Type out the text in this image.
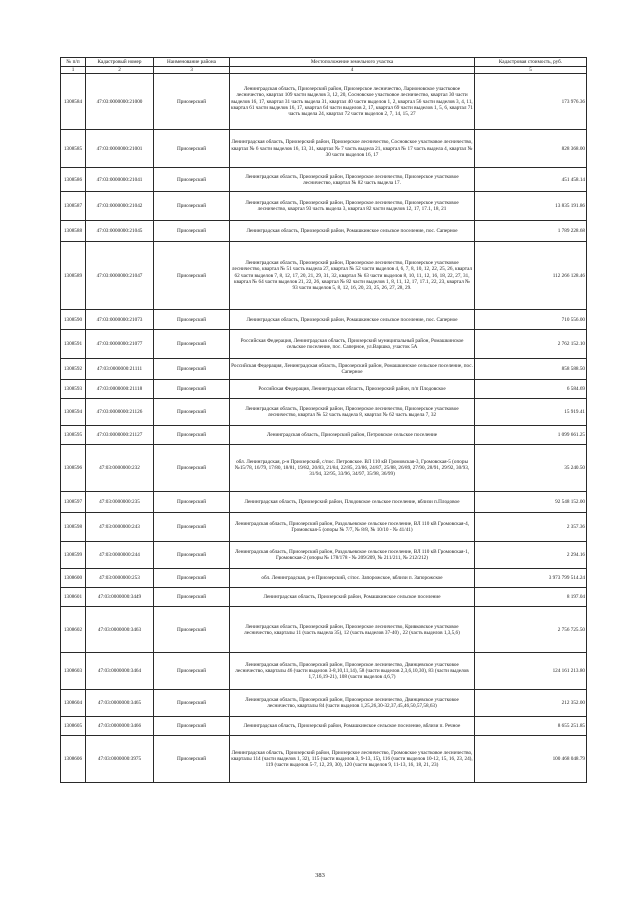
№ п/п	Кадастровый номер	Наименование района	Местоположение земельного участка	Кадастровая стоимость, руб.
1	2	3	4	5
1308584	47:03:0000000:21000	Приозерский	Ленинградская область, Приозерский район, Приозерское лесничество, Ларионовское участковое лесничество, квартал 109 части выделов 3, 12, 20, Сосновское участковое лесничество, квартал 30 части выделов 16, 17, квартал 31 часть выдела 31, квартал 40 части выделов 1, 2, квартал 56 части выделов 3, 4, 11, квартал 61 части выделов 16, 17, квартал 64 части выделов 2, 17, квартал 69 части выделов 1, 5, 6, квартал 71 часть выдела 24, квартал 72 части выделов 2, 7, 14, 15, 27	173 976.36
1308585	47:03:0000000:21001	Приозерский	Ленинградская область, Приозерский район, Приозерское лесничество, Сосновское участковое лесничество, квартал № 6 части выделов 16, 13, 31, квартал № 7 часть выдела 21, квартал № 17 часть выдела 4, квартал № 30 части выделов 16, 17	828 368.00
1308586	47:03:0000000:21041	Приозерский	Ленинградская область, Приозерский район, Приозерское лесничество, Приозерское участковое лесничество, квартал № 82 часть выдела 17.	451 458.14
1308587	47:03:0000000:21042	Приозерский	Ленинградская область, Приозерский район, Приозерское лесничество, Приозерское участковое лесничество, квартал 93 часть выдела 3, квартал 82 части выделов 12, 17, 17.1, 18, 21	13 835 191.86
1308588	47:03:0000000:21045	Приозерский	Ленинградская область, Приозерский район, Ромашкинское сельское поселение, пос. Саперное	1 789 228.68
1308589	47:03:0000000:21047	Приозерский	Ленинградская область, Приозерский район, Приозерское лесничество, Приозерское участковое лесничество, квартал № 51 часть выдела 27, квартал № 52 части выделов 4, 6, 7, 8, 10, 12, 22, 25, 26, квартал 62 части выделов 7, 8, 12, 17, 20, 21, 29, 31, 32, квартал № 63 части выделов 8, 10, 11, 12, 16, 18, 22, 27, 31, квартал № 64 части выделов 21, 22, 26, квартал № 82 части выделов 1, 8, 11, 12, 17, 17.1, 22, 23, квартал № 93 части выделов 5, 8, 12, 16, 20, 23, 25, 26, 27, 28, 29.	112 266 128.46
1308590	47:03:0000000:21073	Приозерский	Ленинградская область, Приозерский район, Ромашкинское сельское поселение, пос. Саперное	710 556.00
1308591	47:03:0000000:21077	Приозерский	Российская Федерация, Ленинградская область, Приозерский муниципальный район, Ромашкинское сельское поселение, пос. Саперное, ул.Варшко, участок 5А	2 762 152.10
1308592	47:03:0000000:21111	Приозерский	Российская Федерация, Ленинградская область, Приозерский район, Ромашкинское сельское поселение, пос. Саперное	858 588.50
1308593	47:03:0000000:21118	Приозерский	Российская Федерация, Ленинградская область, Приозерский район, п/п Плодовское	6 584.69
1308594	47:03:0000000:21126	Приозерский	Ленинградская область, Приозерский район, Приозерское лесничество, Приозерское участковое лесничество, квартал № 52 часть выдела 8, квартал № 62 часть выдела 7, 32	15 919.41
1308595	47:03:0000000:21127	Приозерский	Ленинградская область, Приозерский район, Петровское сельское поселение	1 099 661.25
1308596	47:03:0000000:232	Приозерский	обл. Ленинградская, р-н Приозерский, с/пос. Петровское. ВЛ 110 кВ Громовская-3, Громовская-5 (опоры №15/78, 16/79, 17/80, 18/81, 19/82, 20/83, 21/84, 22/85, 23/86, 24/87, 25/88, 26/89, 27/90, 28/91, 29/92, 30/93, 31/94, 32/95, 33/96, 34/97, 35/98, 36/99)	35 240.50
1308597	47:03:0000000:235	Приозерский	Ленинградская область, Приозерский район, Плодовское сельское поселение, вблизи п.Плодовое	92 548 152.00
1308598	47:03:0000000:243	Приозерский	Ленинградская область, Приозерский район, Раздольевское сельское поселение, ВЛ 110 кВ Громовская-4, Громовская-5 (опоры № 7/7, № 8/8, № 10/10 - № 41/41)	2 357.36
1308599	47:03:0000000:244	Приозерский	Ленинградская область, Приозерский район, Раздольевское сельское поселение, ВЛ 110 кВ Громовская-1, Громовская-2 (опоры № 178/178 - № 209/209, № 211/211, № 212/212)	2 294.16
1308600	47:03:0000000:253	Приозерский	обл. Ленинградская, р-н Приозерский, с/пос. Запорожское, вблизи п. Запорожское	3 973 799 514.24
1308601	47:03:0000000:3449	Приозерский	Ленинградская область, Приозерский район, Ромашкинское сельское поселение	8 197.04
1308602	47:03:0000000:3463	Приозерский	Ленинградская область, Приозерский район, Приозерское лесничество, Кривковское участковое лесничество, кварталы 11 (часть выдела 35), 12 (часть выделов 37-40) , 22 (часть выделов 1,3,5,6)	2 756 725.50
1308603	47:03:0000000:3464	Приозерский	Ленинградская область, Приозерский район, Приозерское лесничество, Двинцевское участковое лесничество, кварталы 46 (части выделов 3-8,10,11,14), 58 (части выделов 2,3,6,10,30), 83 (части выделов 1,7,16,19-21), 108 (части выделов 4,6,7)	124 161 213.80
1308604	47:03:0000000:3465	Приозерский	Ленинградская область, Приозерский район, Приозерское лесничество, Двинцевское участковое лесничество, кварталы 84 (части выделов 1,25,26,30-32,37,45,46,50,57,58,63)	212 352.00
1308605	47:03:0000000:3466	Приозерский	Ленинградская область, Приозерский район, Ромашкинское сельское поселение, вблизи п. Речное	8 655 251.85
1308606	47:03:0000000:3975	Приозерский	Ленинградская область, Приозерский район, Приозерское лесничество, Громовское участковое лесничество, кварталы 114 (части выделов 1, 32), 115 (части выделов 3, 9-13, 15), 116 (части выделов 10-12, 15, 16, 23, 24), 119 (части выделов 5-7, 12, 29, 30), 120 (части выделов 9, 11-13, 16, 18, 21, 23)	100 468 048.79
383
